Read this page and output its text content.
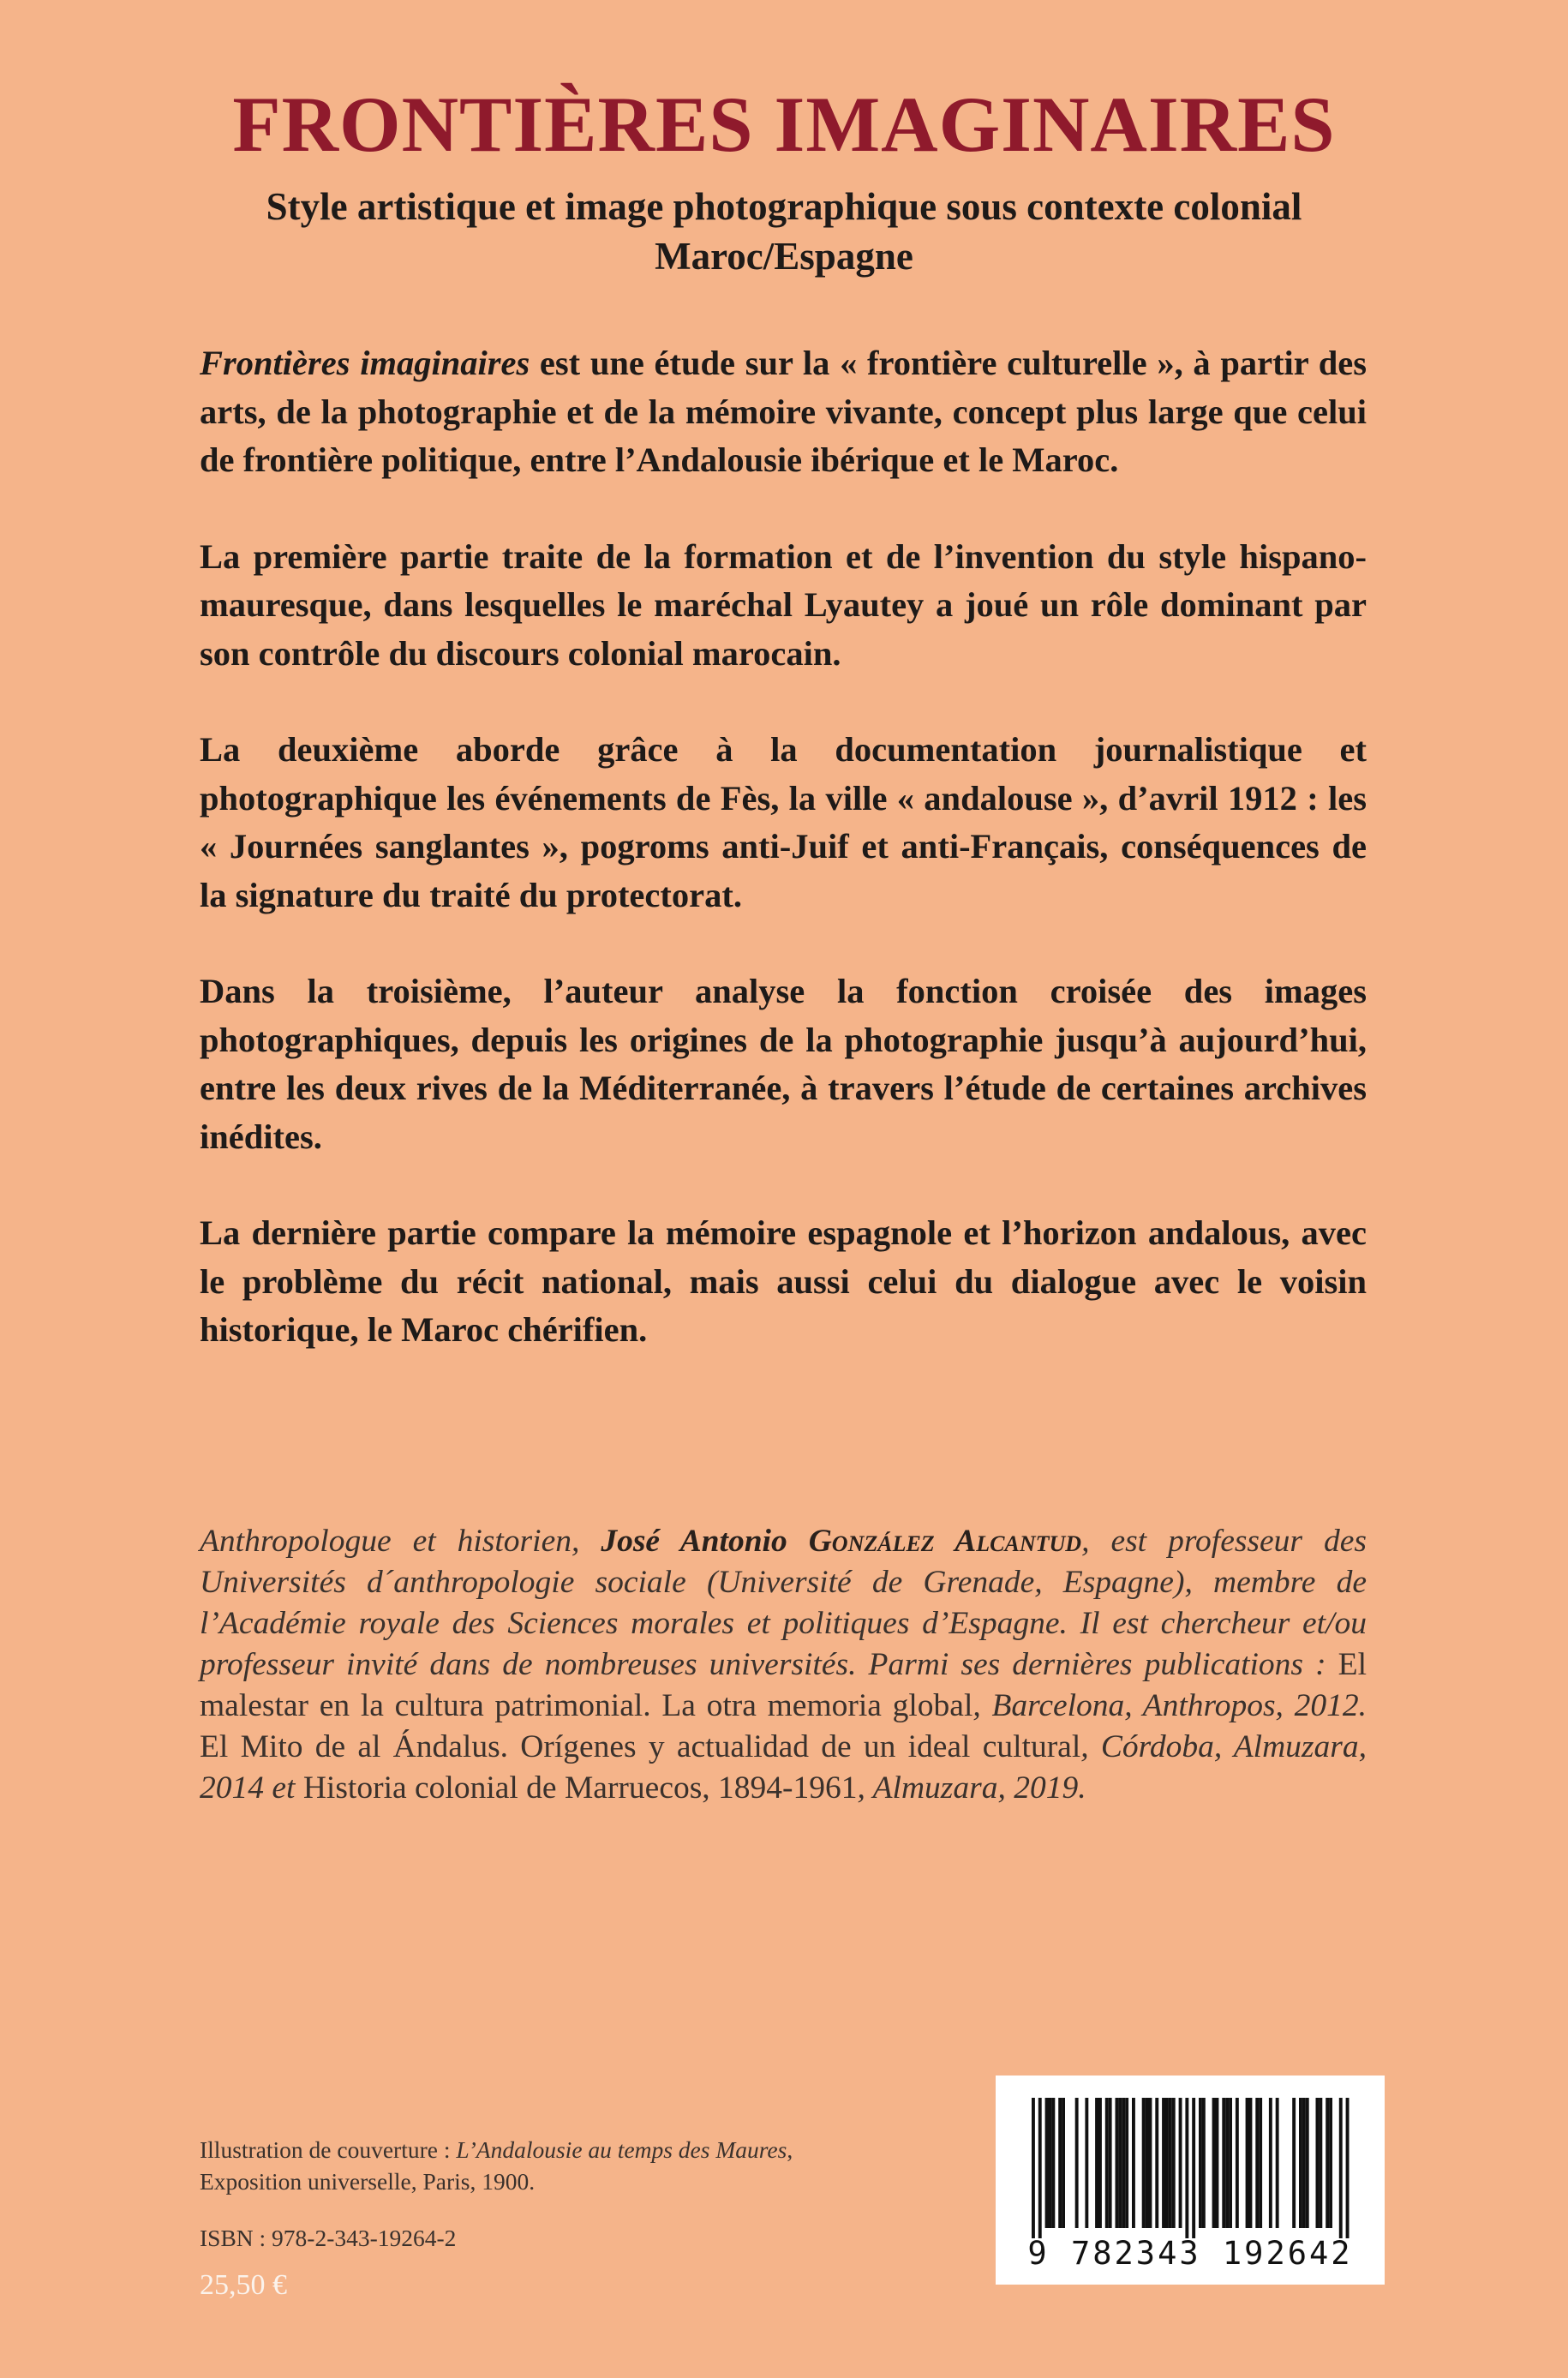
FRONTIÈRES IMAGINAIRES
Style artistique et image photographique sous contexte colonial
Maroc/Espagne

Frontières imaginaires est une étude sur la « frontière culturelle », à partir des arts, de la photographie et de la mémoire vivante, concept plus large que celui de frontière politique, entre l’Andalousie ibérique et le Maroc.

La première partie traite de la formation et de l’invention du style hispano-mauresque, dans lesquelles le maréchal Lyautey a joué un rôle dominant par son contrôle du discours colonial marocain.

La deuxième aborde grâce à la documentation journalistique et photographique les événements de Fès, la ville « andalouse », d’avril 1912 : les « Journées sanglantes », pogroms anti-Juif et anti-Français, conséquences de la signature du traité du protectorat.

Dans la troisième, l’auteur analyse la fonction croisée des images photographiques, depuis les origines de la photographie jusqu’à aujourd’hui, entre les deux rives de la Méditerranée, à travers l’étude de certaines archives inédites.

La dernière partie compare la mémoire espagnole et l’horizon andalous, avec le problème du récit national, mais aussi celui du dialogue avec le voisin historique, le Maroc chérifien.

Anthropologue et historien, José Antonio González Alcantud, est professeur des Universités d´anthropologie sociale (Université de Grenade, Espagne), membre de l’Académie royale des Sciences morales et politiques d’Espagne. Il est chercheur et/ou professeur invité dans de nombreuses universités. Parmi ses dernières publications : El malestar en la cultura patrimonial. La otra memoria global, Barcelona, Anthropos, 2012. El Mito de al Ándalus. Orígenes y actualidad de un ideal cultural, Córdoba, Almuzara, 2014 et Historia colonial de Marruecos, 1894-1961, Almuzara, 2019.
Illustration de couverture : L’Andalousie au temps des Maures, Exposition universelle, Paris, 1900.
ISBN : 978-2-343-19264-2
25,50 €
9 782343 192642
